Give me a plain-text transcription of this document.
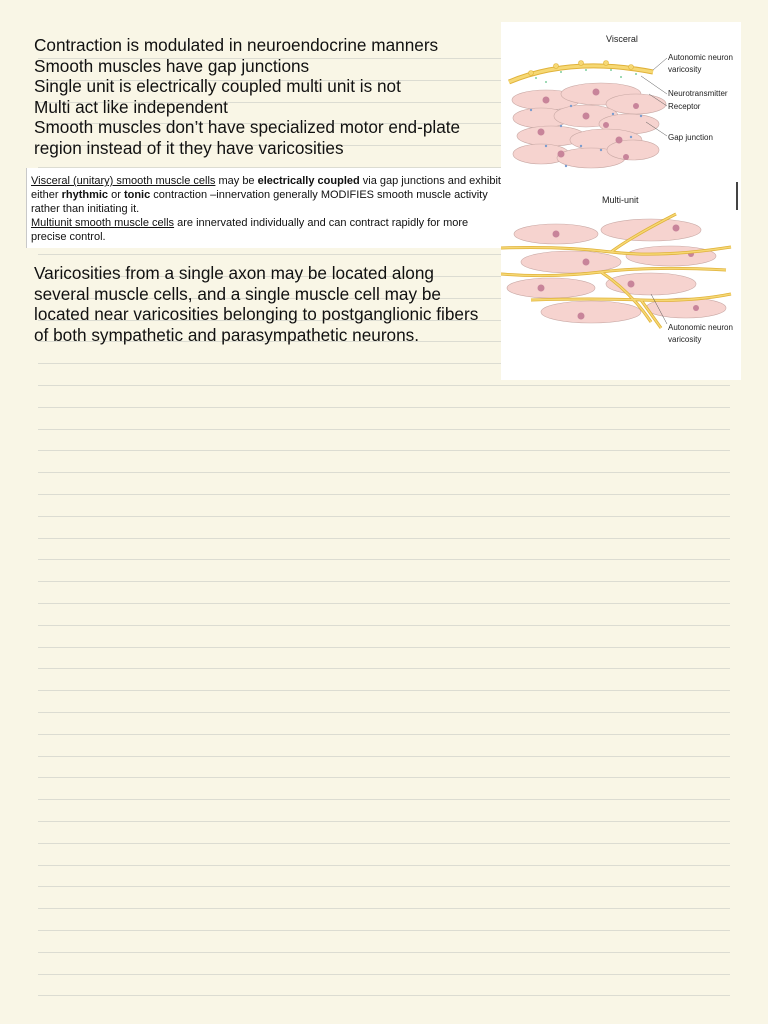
Contraction is modulated in neuroendocrine manners
Smooth muscles have gap junctions
Single unit is electrically coupled multi unit is not
Multi act like independent
Smooth muscles don’t have specialized motor end-plate
region instead of it they have varicosities

Visceral (unitary) smooth muscle cells may be electrically coupled via gap junctions and exhibit either rhythmic or tonic contraction –innervation generally MODIFIES smooth muscle activity rather than initiating it.

Multiunit smooth muscle cells are innervated individually and can contract rapidly for more precise control.

Varicosities from a single axon may be located along
several muscle cells, and a single muscle cell may be
located near varicosities belonging to postganglionic fibers
of both sympathetic and parasympathetic neurons.
Visceral
Autonomic neuron
varicosity
Neurotransmitter
Receptor
Gap junction
Multi-unit
Autonomic neuron
varicosity
